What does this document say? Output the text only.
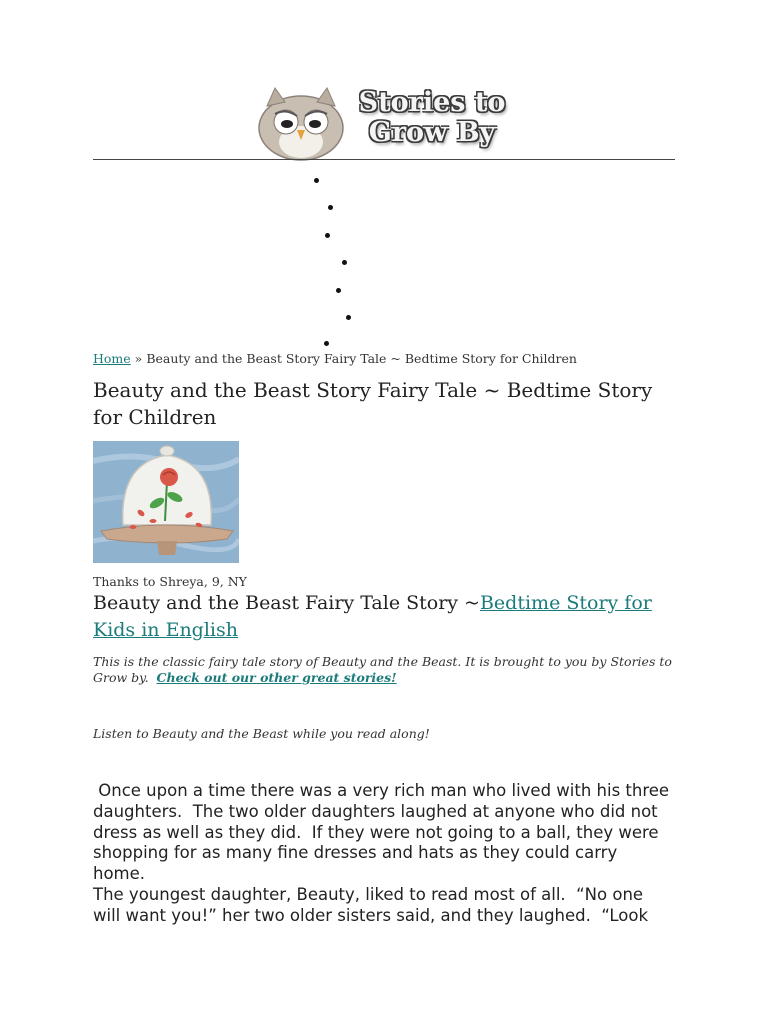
Stories to
Grow By
Home » Beauty and the Beast Story Fairy Tale ~ Bedtime Story for Children
Beauty and the Beast Story Fairy Tale ~ Bedtime Story for Children
Thanks to Shreya, 9, NY
Beauty and the Beast Fairy Tale Story ~Bedtime Story for Kids in English
This is the classic fairy tale story of Beauty and the Beast. It is brought to you by Stories to Grow by. Check out our other great stories!
Listen to Beauty and the Beast while you read along!

Once upon a time there was a very rich man who lived with his three daughters.  The two older daughters laughed at anyone who did not dress as well as they did.  If they were not going to a ball, they were shopping for as many fine dresses and hats as they could carry home.

The youngest daughter, Beauty, liked to read most of all.  “No one will want you!” her two older sisters said, and they laughed.  “Look
